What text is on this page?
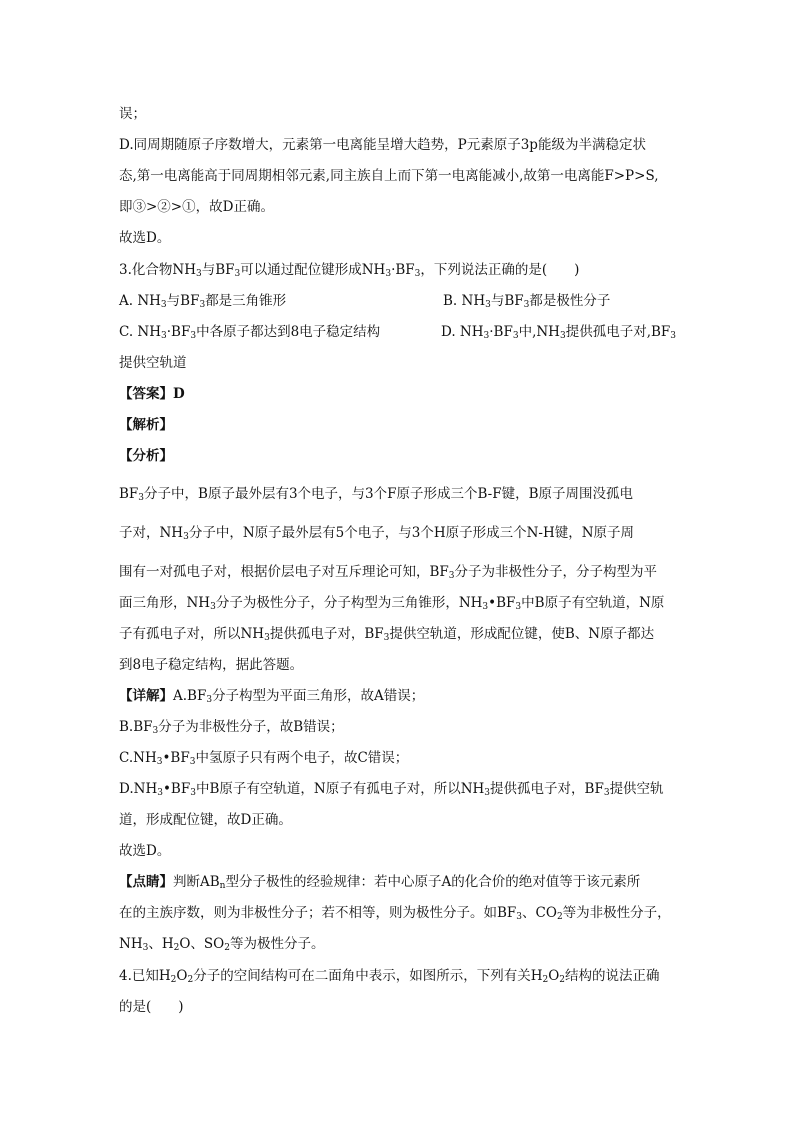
误；
D.同周期随原子序数增大，元素第一电离能呈增大趋势，P元素原子3p能级为半满稳定状
态,第一电离能高于同周期相邻元素,同主族自上而下第一电离能减小,故第一电离能F>P>S,
即③>②>①，故D正确。
故选D。
3.化合物$NH_3$与$BF_3$可以通过配位键形成$NH_3\cdot BF_3$，下列说法正确的是(　　)
A. $NH_3$与$BF_3$都是三角锥形	B. $NH_3$与$BF_3$都是极性分子
C. $NH_3\cdot BF_3$中各原子都达到8电子稳定结构	D. $NH_3\cdot BF_3$中$,NH_3$提供孤电子对$,BF_3$
提供空轨道
【答案】D
【解析】
【分析】
$BF_3$分子中，B原子最外层有3个电子，与3个F原子形成三个B-F键，B原子周围没孤电
子对，$NH_3$分子中，N原子最外层有5个电子，与3个H原子形成三个N-H键，N原子周
围有一对孤电子对，根据价层电子对互斥理论可知，$BF_3$分子为非极性分子，分子构型为平
面三角形，$NH_3$分子为极性分子，分子构型为三角锥形，$NH_3•BF_3$中B原子有空轨道，N原
子有孤电子对，所以$NH_3$提供孤电子对，$BF_3$提供空轨道，形成配位键，使B、N原子都达
到8电子稳定结构，据此答题。
【详解】$A.BF_3$分子构型为平面三角形，故A错误；
$B.BF_3$分子为非极性分子，故B错误；
$C.NH_3•BF_3$中氢原子只有两个电子，故C错误；
$D.NH_3•BF_3$中B原子有空轨道，N原子有孤电子对，所以$NH_3$提供孤电子对，$BF_3$提供空轨
道，形成配位键，故D正确。
故选D。
【点睛】判断$AB_n$型分子极性的经验规律：若中心原子A的化合价的绝对值等于该元素所
在的主族序数，则为非极性分子；若不相等，则为极性分子。如$BF_3$、$CO_2$等为非极性分子，
$NH_3$、$H_2O$、$SO_2$等为极性分子。
4.已知$H_2O_2$分子的空间结构可在二面角中表示，如图所示，下列有关$H_2O_2$结构的说法正确
的是(　　)
